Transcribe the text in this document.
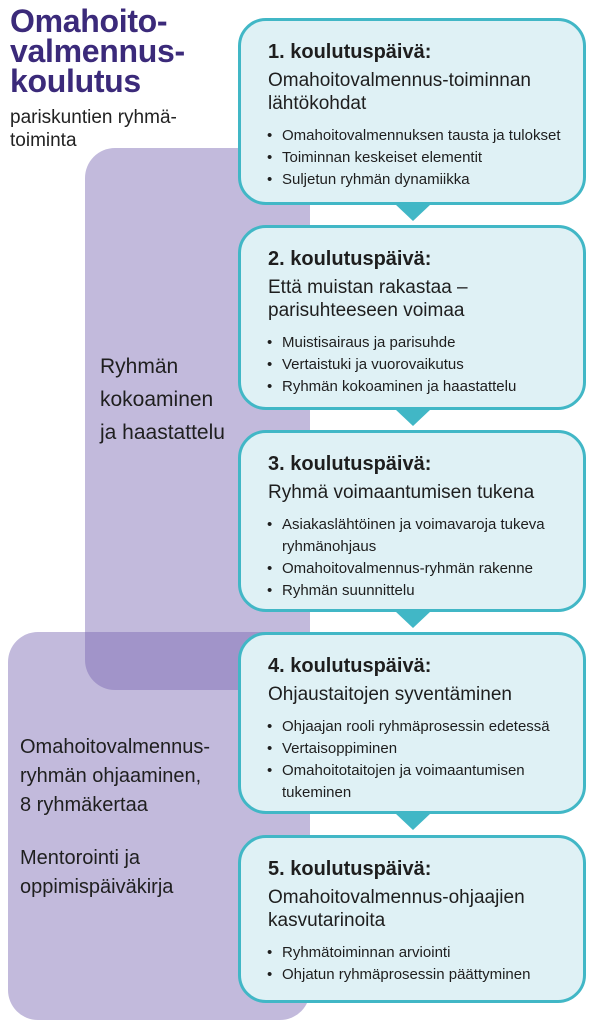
Omahoito-
valmennus-
koulutus
pariskuntien ryhmä-
toiminta
Ryhmän
kokoaminen
ja haastattelu
Omahoitovalmennus-
ryhmän ohjaaminen,
8 ryhmäkertaa
Mentorointi ja
oppimispäiväkirja
1. koulutuspäivä:
Omahoitovalmennus-toiminnan
lähtökohdat
• Omahoitovalmennuksen tausta ja tulokset
• Toiminnan keskeiset elementit
• Suljetun ryhmän dynamiikka
2. koulutuspäivä:
Että muistan rakastaa –
parisuhteeseen voimaa
• Muistisairaus ja parisuhde
• Vertaistuki ja vuorovaikutus
• Ryhmän kokoaminen ja haastattelu
3. koulutuspäivä:
Ryhmä voimaantumisen tukena
• Asiakaslähtöinen ja voimavaroja tukeva
ryhmänohjaus
• Omahoitovalmennus-ryhmän rakenne
• Ryhmän suunnittelu
4. koulutuspäivä:
Ohjaustaitojen syventäminen
• Ohjaajan rooli ryhmäprosessin edetessä
• Vertaisoppiminen
• Omahoitotaitojen ja voimaantumisen
tukeminen
5. koulutuspäivä:
Omahoitovalmennus-ohjaajien
kasvutarinoita
• Ryhmätoiminnan arviointi
• Ohjatun ryhmäprosessin päättyminen
